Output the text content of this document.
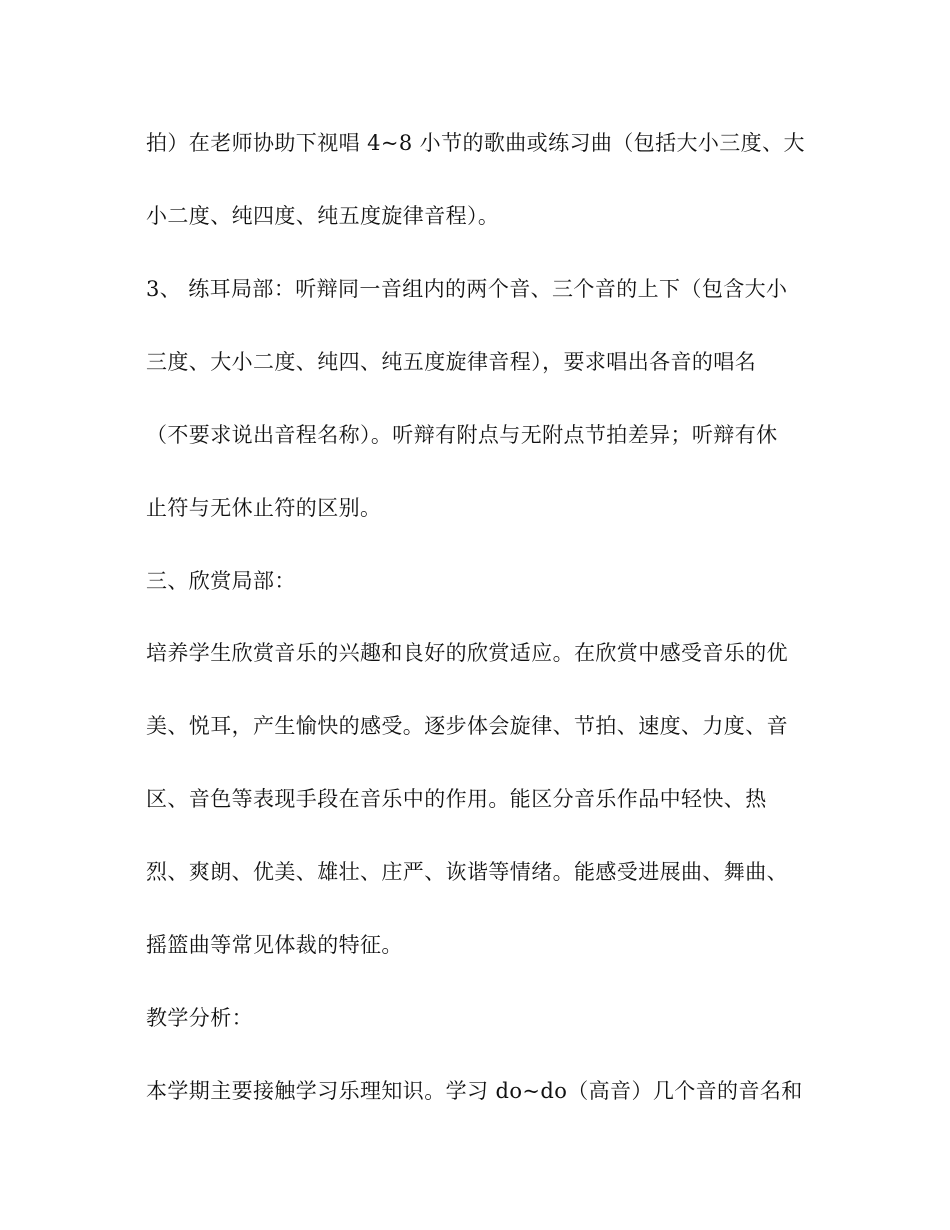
拍）在老师协助下视唱 4~8 小节的歌曲或练习曲（包括大小三度、大
小二度、纯四度、纯五度旋律音程）。
3、 练耳局部：听辩同一音组内的两个音、三个音的上下（包含大小
三度、大小二度、纯四、纯五度旋律音程），要求唱出各音的唱名
（不要求说出音程名称）。听辩有附点与无附点节拍差异；听辩有休
止符与无休止符的区别。
三、欣赏局部：
培养学生欣赏音乐的兴趣和良好的欣赏适应。在欣赏中感受音乐的优
美、悦耳，产生愉快的感受。逐步体会旋律、节拍、速度、力度、音
区、音色等表现手段在音乐中的作用。能区分音乐作品中轻快、热
烈、爽朗、优美、雄壮、庄严、诙谐等情绪。能感受进展曲、舞曲、
摇篮曲等常见体裁的特征。
教学分析：
本学期主要接触学习乐理知识。学习 do~do（高音）几个音的音名和
